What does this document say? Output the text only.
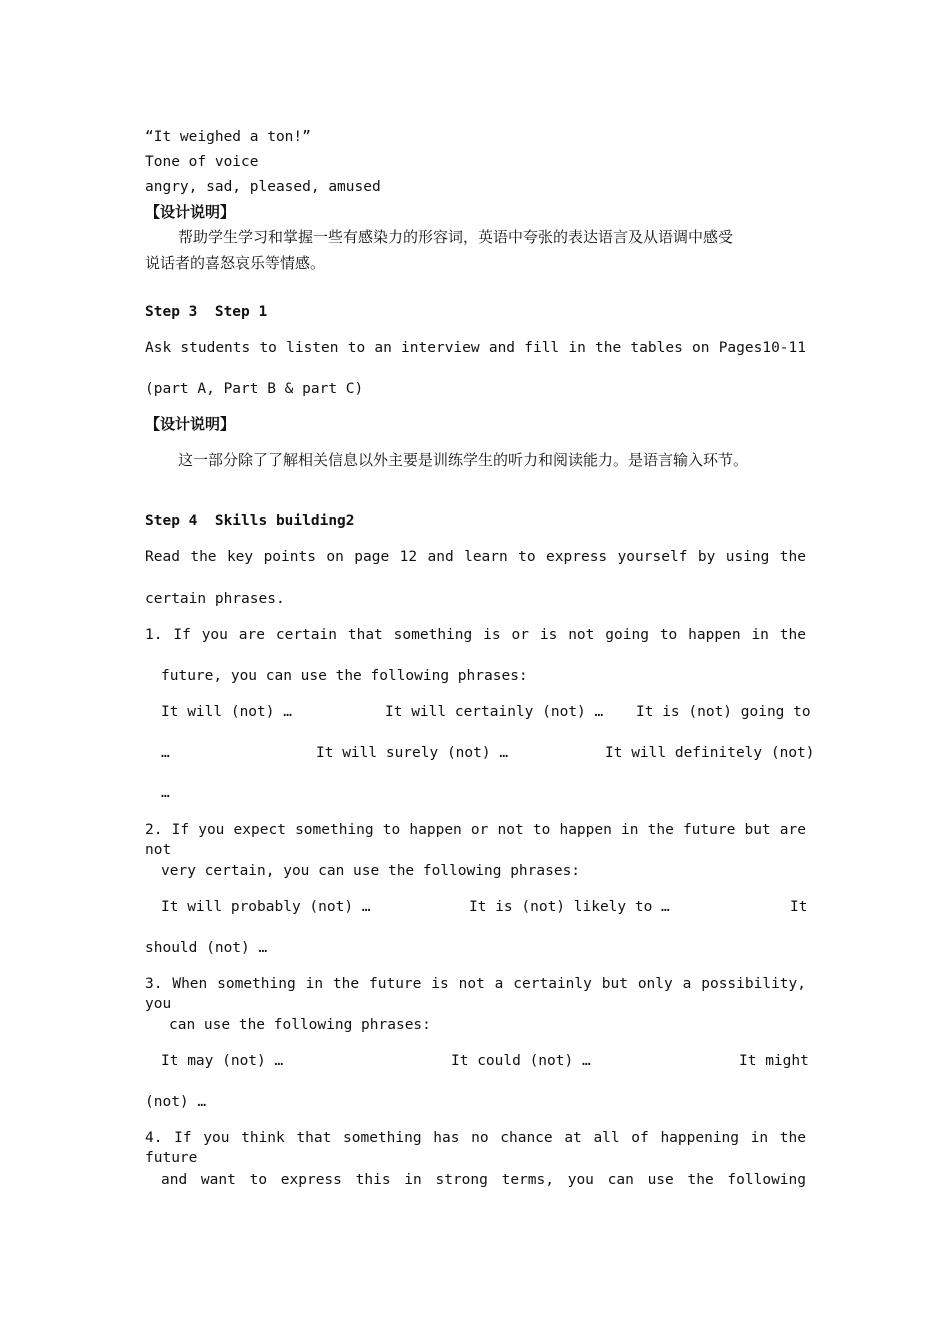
“It weighed a ton!”
Tone of voice
angry, sad, pleased, amused
【设计说明】
帮助学生学习和掌握一些有感染力的形容词，英语中夸张的表达语言及从语调中感受
说话者的喜怒哀乐等情感。
Step 3  Step 1
Ask students to listen to an interview and fill in the tables on Pages10-11
(part A, Part B & part C)
【设计说明】
这一部分除了了解相关信息以外主要是训练学生的听力和阅读能力。是语言输入环节。
Step 4  Skills building2
Read the key points on page 12 and learn to express yourself by using the
certain phrases.
1. If you are certain that something is or is not going to happen in the
future, you can use the following phrases:
It will (not) …	It will certainly (not) … It is (not) going to
…	It will surely (not) …	It will definitely (not)
…
2. If you expect something to happen or not to happen in the future but are not
very certain, you can use the following phrases:
It will probably (not) …	It is (not) likely to …	It
should (not) …
3. When something in the future is not a certainly but only a possibility, you
can use the following phrases:
It may (not) …	It could (not) …	It might
(not) …
4. If you think that something has no chance at all of happening in the future
and want to express this in strong terms, you can use the following
